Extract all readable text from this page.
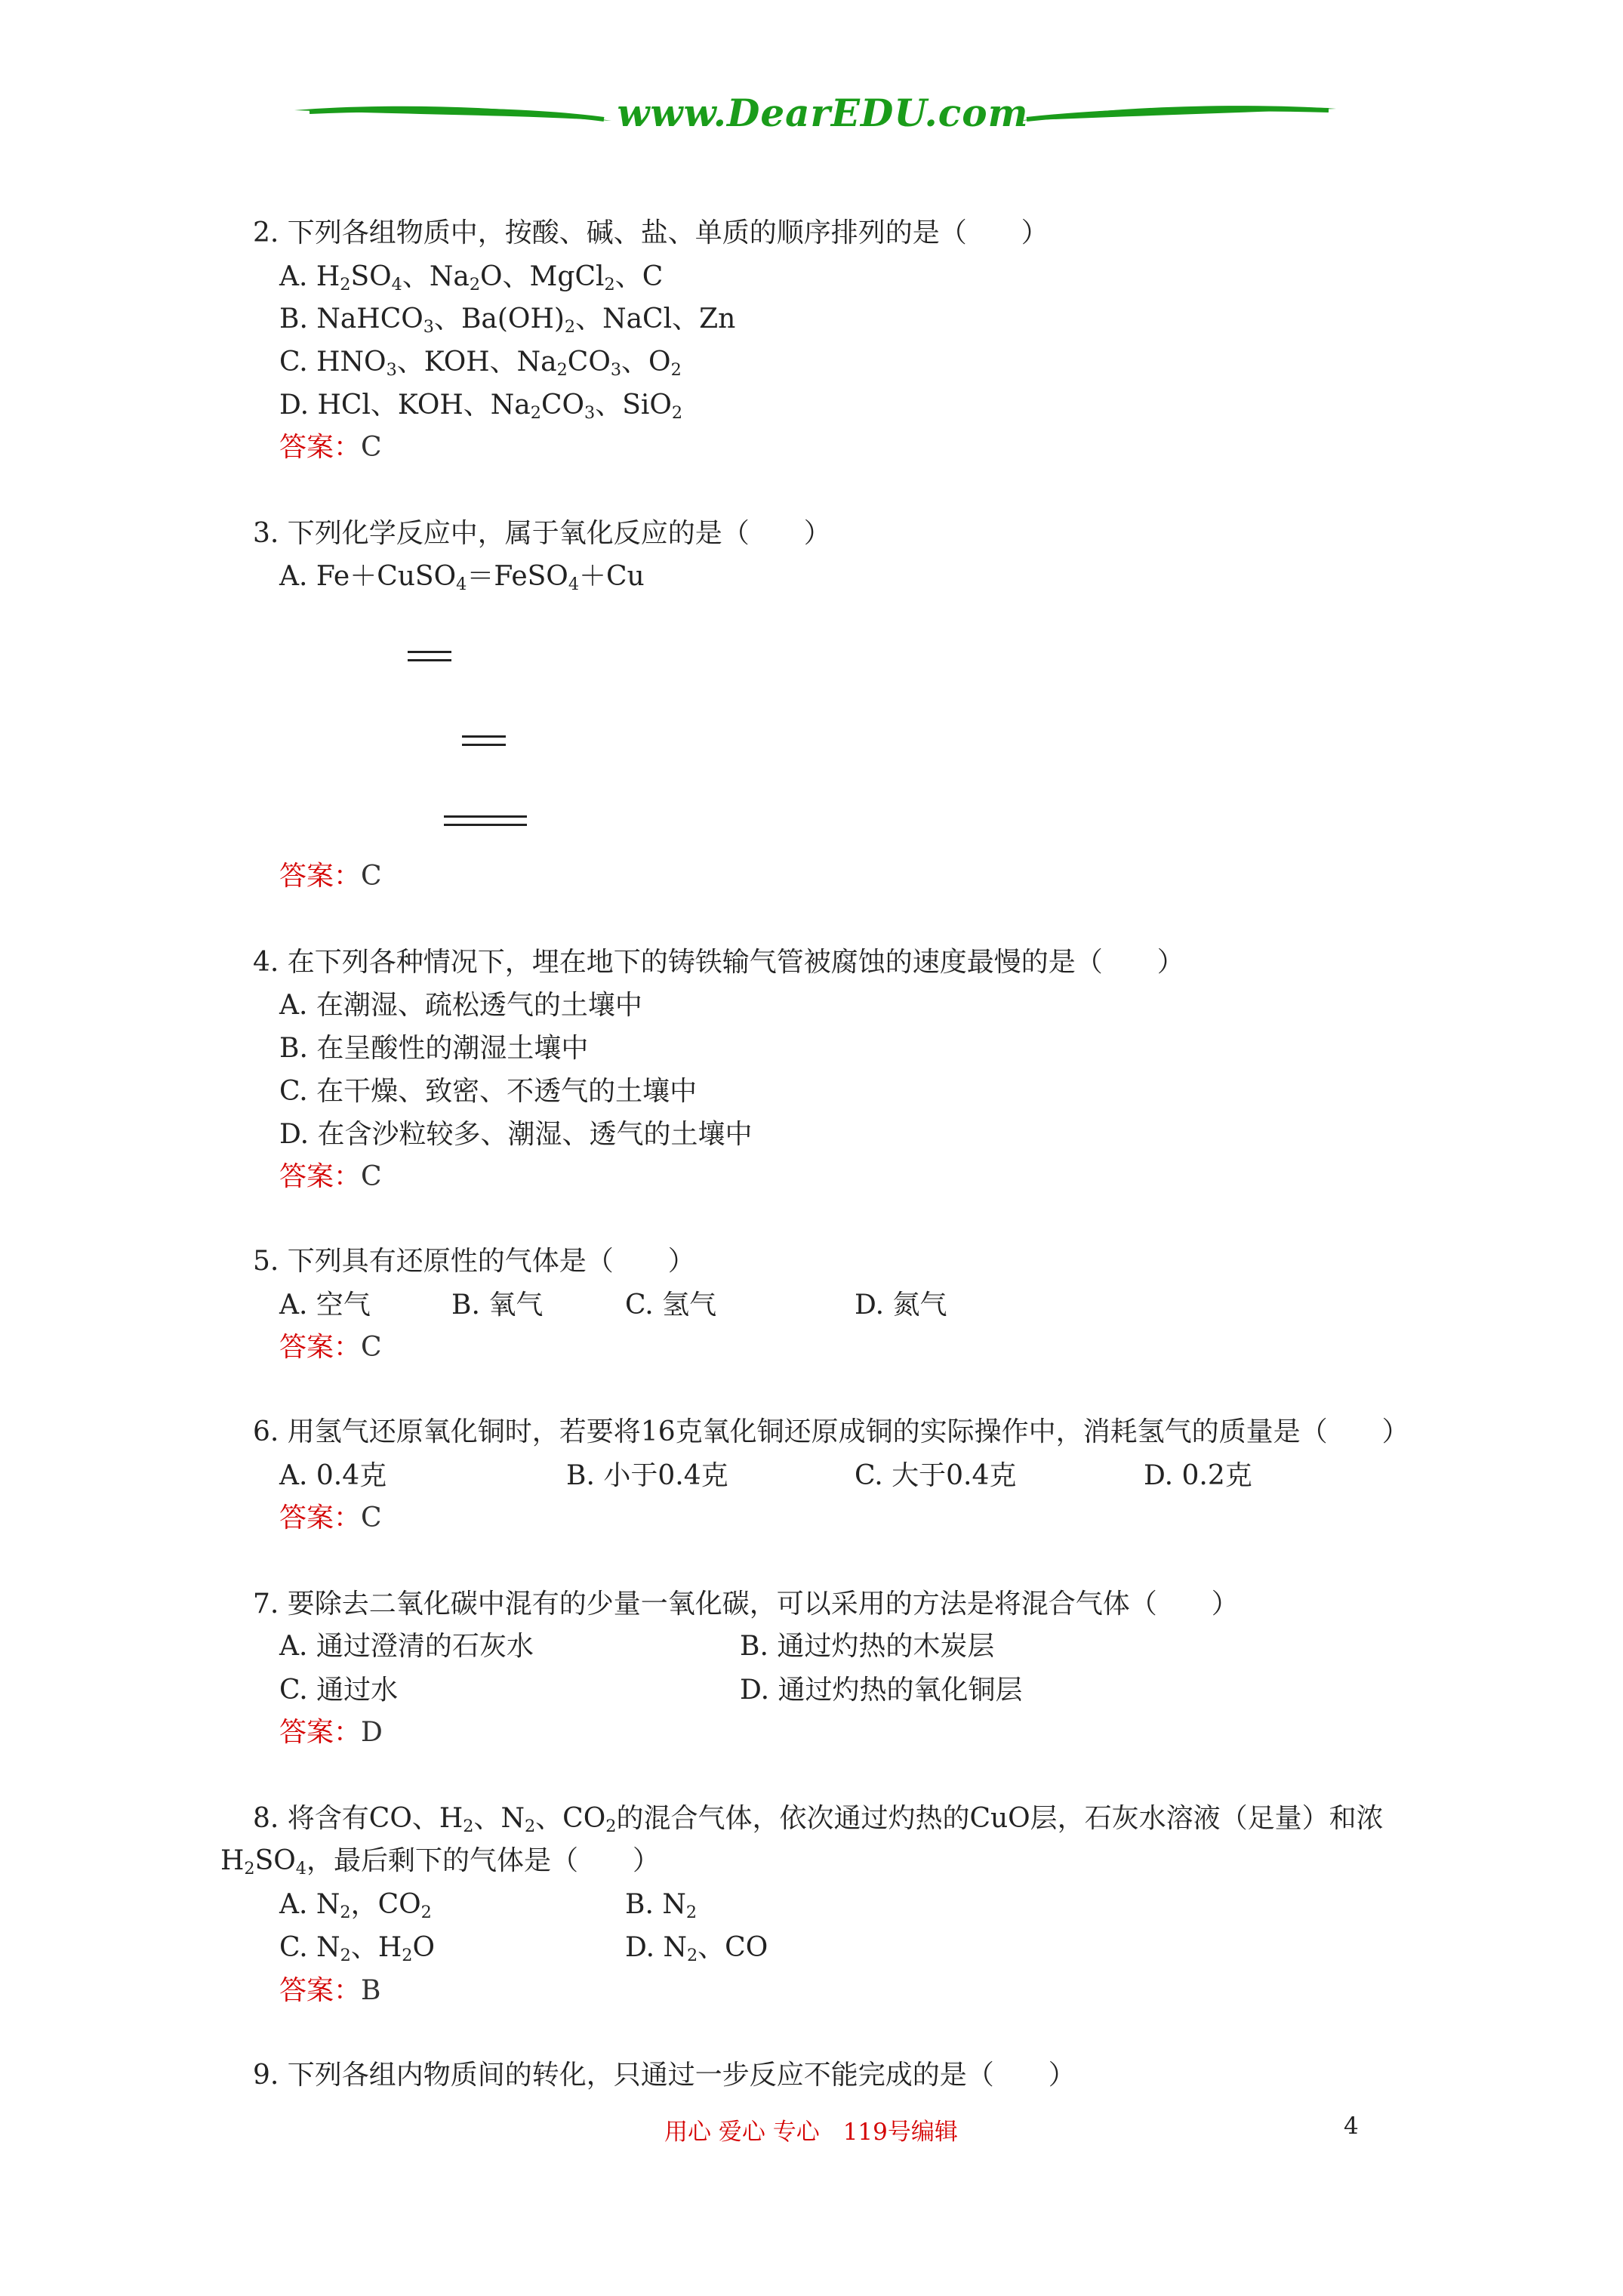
www.DearEDU.com
2. 下列各组物质中，按酸、碱、盐、单质的顺序排列的是（　　）
A. $H_2SO_4$、$Na_2O$、MgCl$_2$、C
B. NaHCO$_3$、$Ba(OH)_2$、NaCl、Zn
C. $HNO_3$、KOH、$Na_2CO_3$、$O_2$
D. HCl、KOH、$Na_2CO_3$、SiO$_2$
答案：C
3. 下列化学反应中，属于氧化反应的是（　　）
A. Fe＋CuSO$_4$＝FeSO$_4$＋Cu
答案：C
4. 在下列各种情况下，埋在地下的铸铁输气管被腐蚀的速度最慢的是（　　）
A. 在潮湿、疏松透气的土壤中
B. 在呈酸性的潮湿土壤中
C. 在干燥、致密、不透气的土壤中
D. 在含沙粒较多、潮湿、透气的土壤中
答案：C
5. 下列具有还原性的气体是（　　）
A. 空气	B. 氧气	C. 氢气	D. 氮气
答案：C
6. 用氢气还原氧化铜时，若要将16克氧化铜还原成铜的实际操作中，消耗氢气的质量是（　　）
A. 0.4克	B. 小于0.4克	C. 大于0.4克	D. 0.2克
答案：C
7. 要除去二氧化碳中混有的少量一氧化碳，可以采用的方法是将混合气体（　　）
A. 通过澄清的石灰水	B. 通过灼热的木炭层
C. 通过水	D. 通过灼热的氧化铜层
答案：D
8. 将含有CO、$H_2$、$N_2$、$CO_2$的混合气体，依次通过灼热的CuO层，石灰水溶液（足量）和浓
$H_2SO_4$，最后剩下的气体是（　　）
A. $N_2$，$CO_2$	B. $N_2$
C. $N_2$、$H_2O$	D. $N_2$、CO
答案：B
9. 下列各组内物质间的转化，只通过一步反应不能完成的是（　　）
用心 爱心 专心　119号编辑	4
